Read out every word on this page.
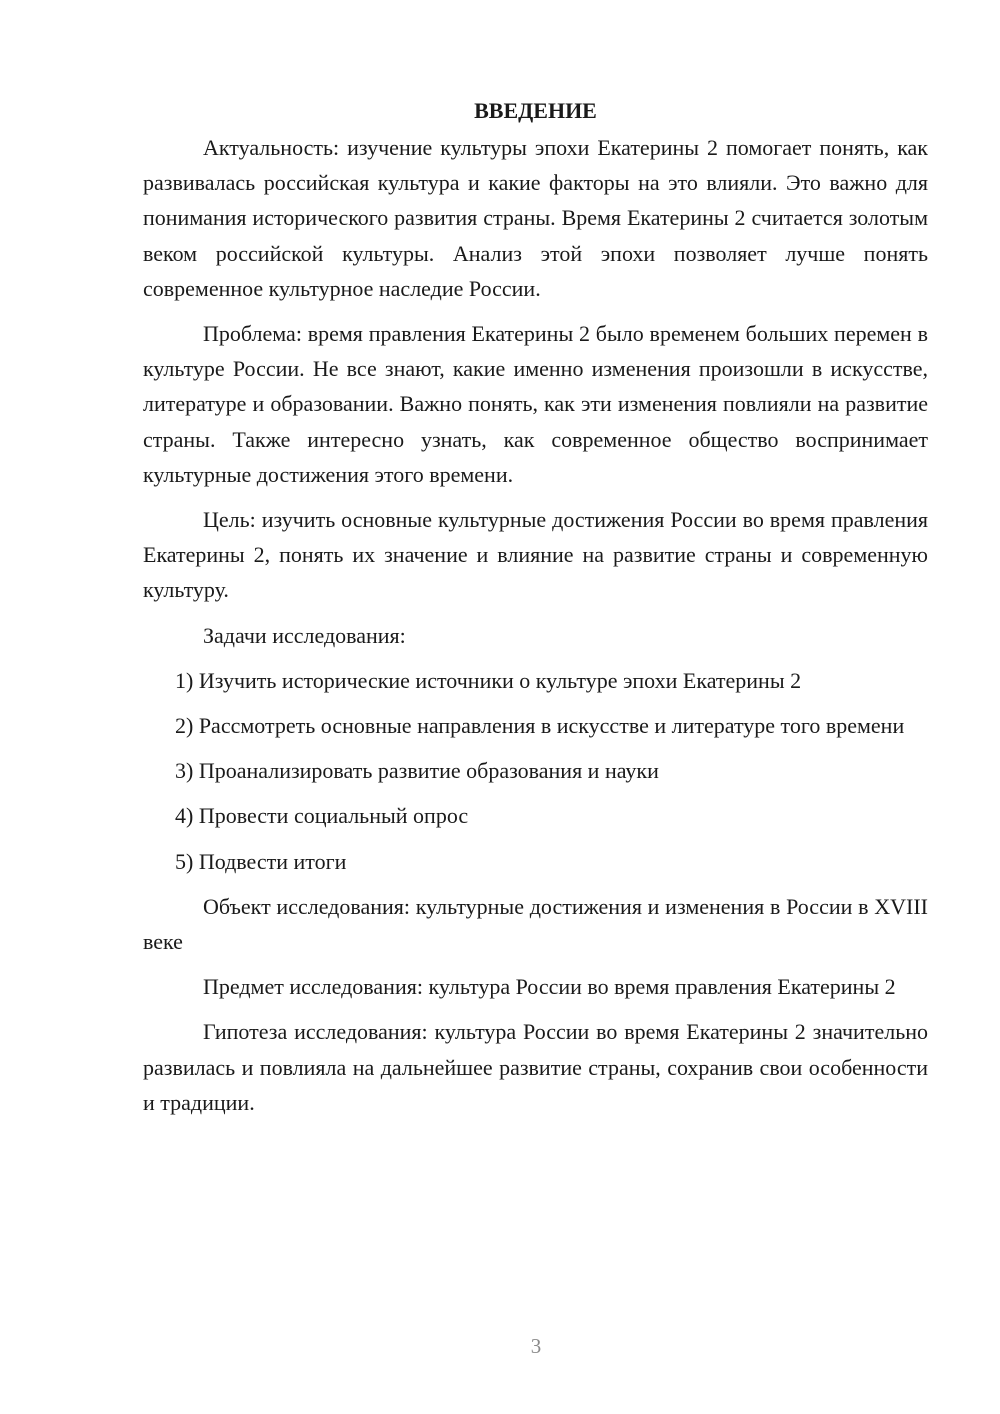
ВВЕДЕНИЕ

Актуальность: изучение культуры эпохи Екатерины 2 помогает понять, как развивалась российская культура и какие факторы на это влияли. Это важно для понимания исторического развития страны. Время Екатерины 2 считается золотым веком российской культуры. Анализ этой эпохи позволяет лучше понять современное культурное наследие России.

Проблема: время правления Екатерины 2 было временем больших перемен в культуре России. Не все знают, какие именно изменения произошли в искусстве, литературе и образовании. Важно понять, как эти изменения повлияли на развитие страны. Также интересно узнать, как современное общество воспринимает культурные достижения этого времени.

Цель: изучить основные культурные достижения России во время правления Екатерины 2, понять их значение и влияние на развитие страны и современную культуру.

Задачи исследования:

1) Изучить исторические источники о культуре эпохи Екатерины 2

2) Рассмотреть основные направления в искусстве и литературе того времени

3) Проанализировать развитие образования и науки

4) Провести социальный опрос

5) Подвести итоги

Объект исследования: культурные достижения и изменения в России в XVIII веке

Предмет исследования: культура России во время правления Екатерины 2

Гипотеза исследования: культура России во время Екатерины 2 значительно развилась и повлияла на дальнейшее развитие страны, сохранив свои особенности и традиции.

3
